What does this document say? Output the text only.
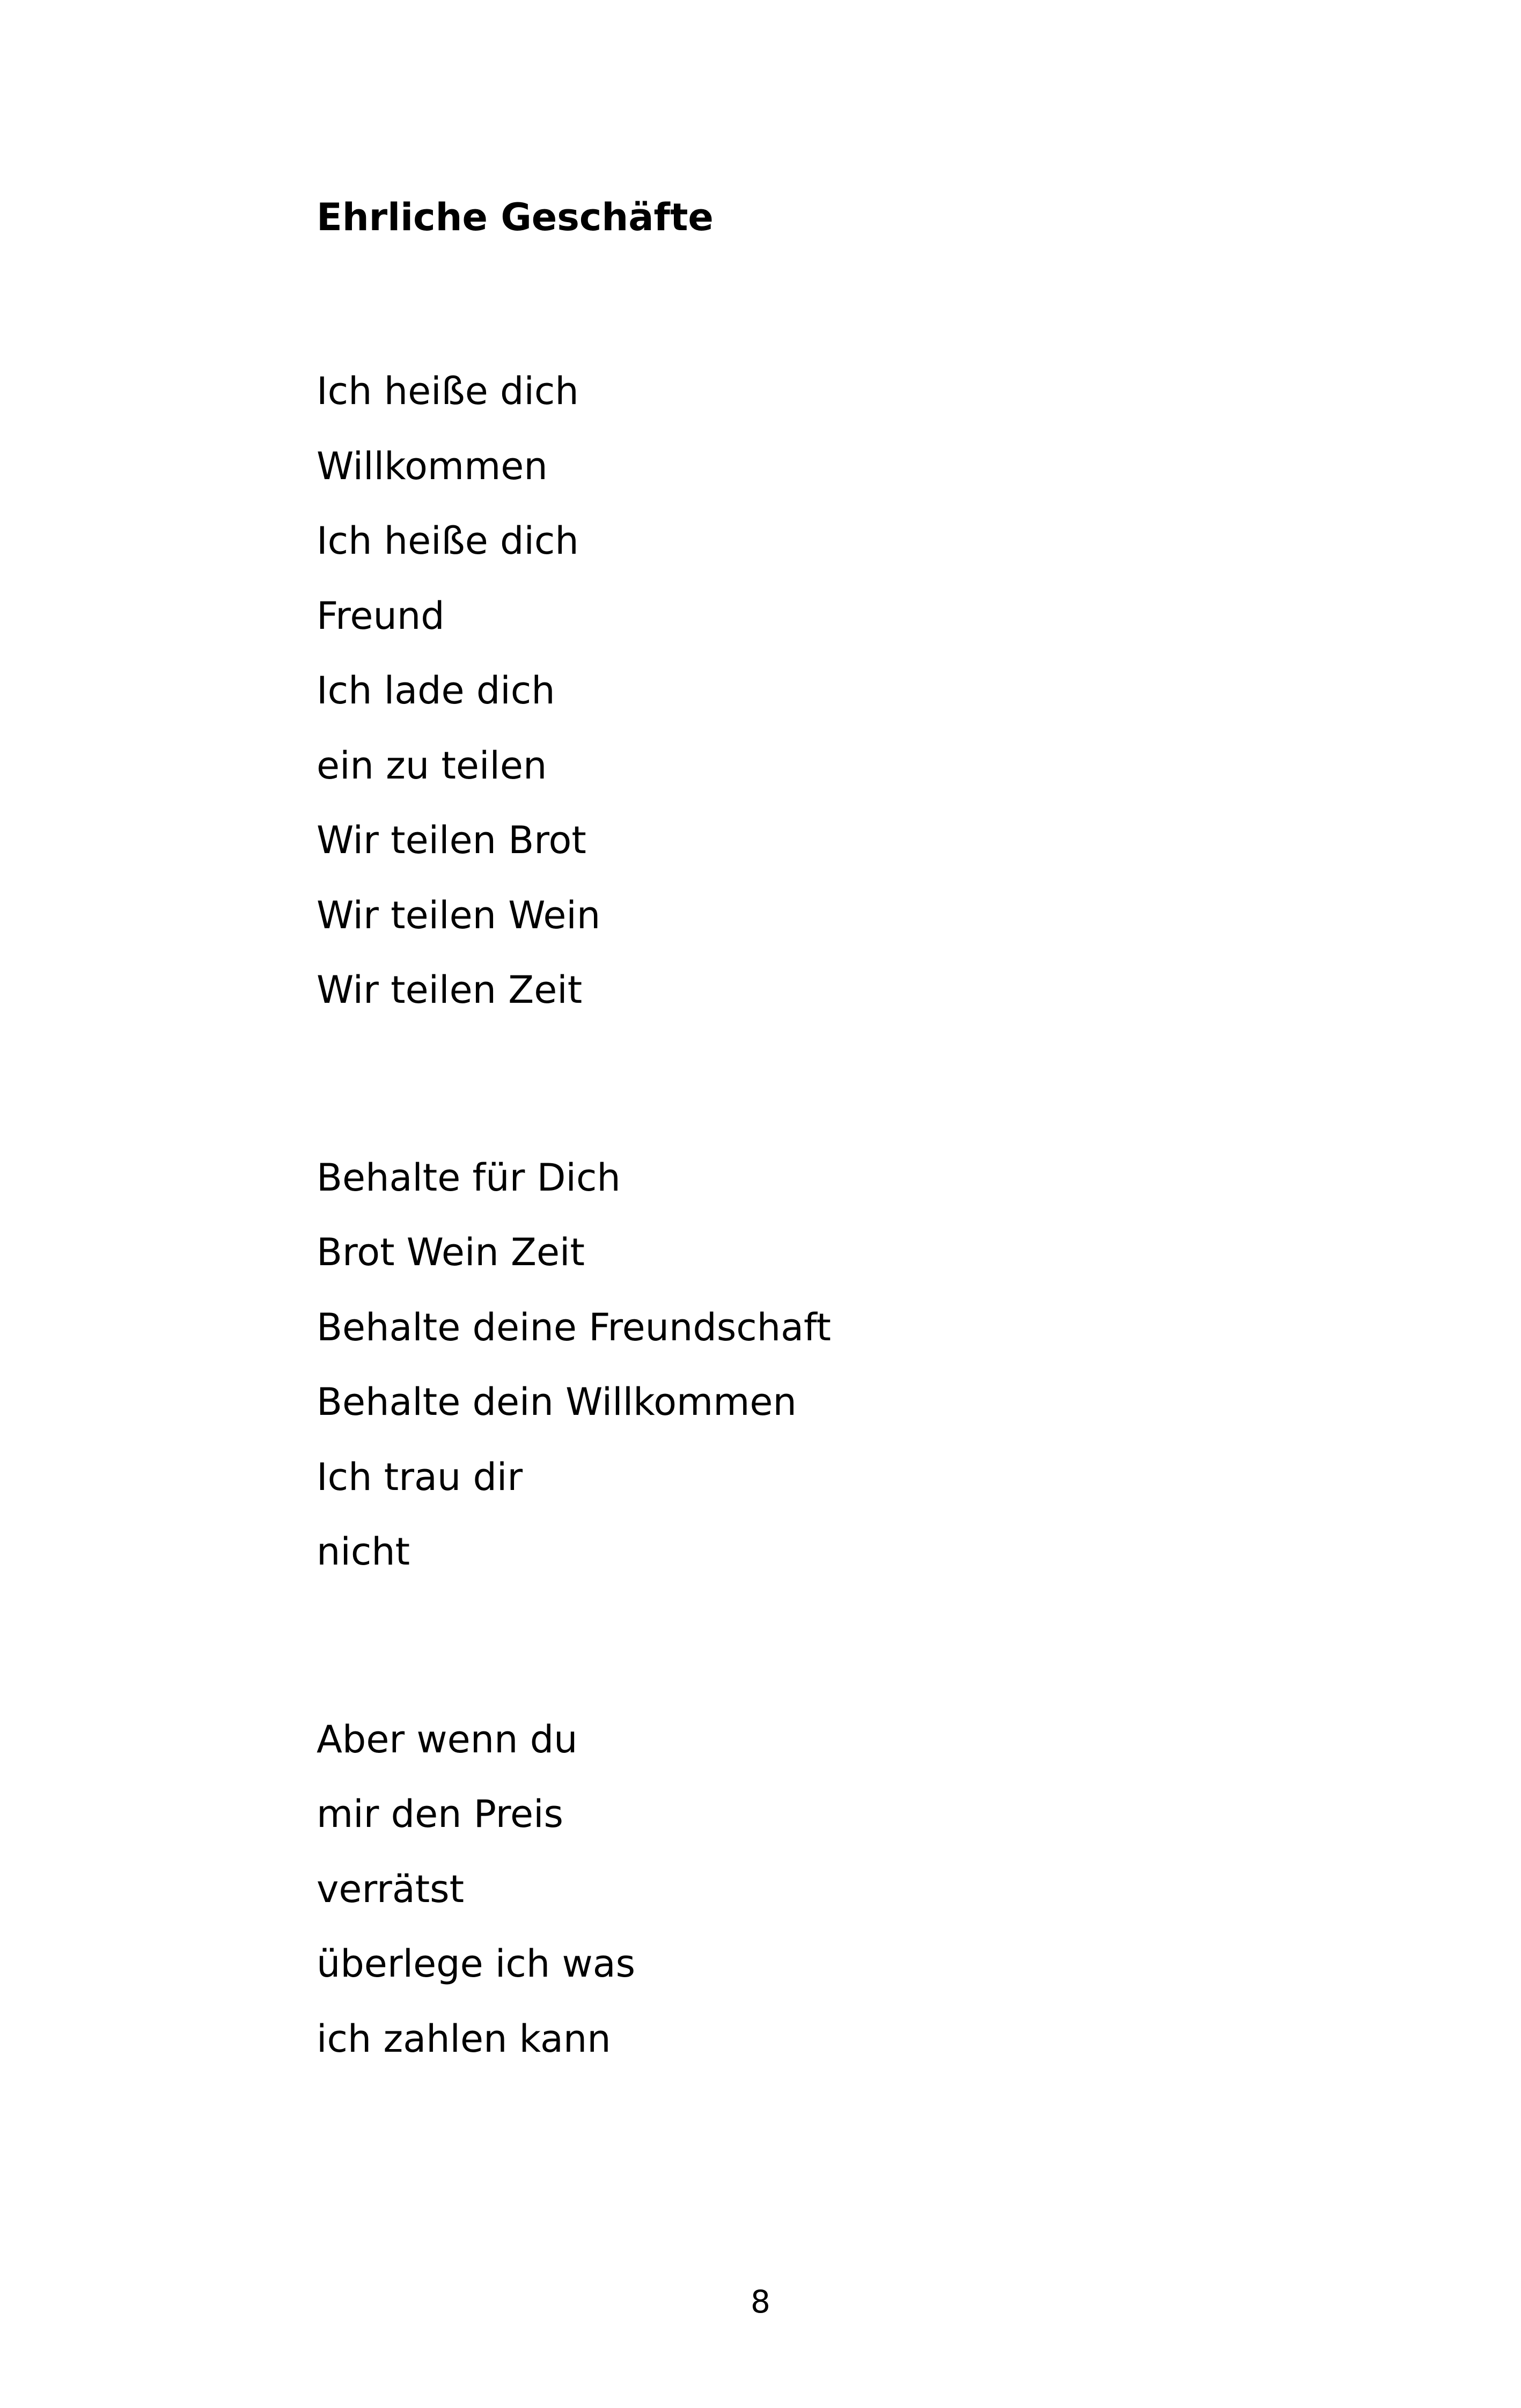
Ehrliche Geschäfte
Ich heiße dich
Willkommen
Ich heiße dich
Freund
Ich lade dich
ein zu teilen
Wir teilen Brot
Wir teilen Wein
Wir teilen Zeit
Behalte für Dich
Brot Wein Zeit
Behalte deine Freundschaft
Behalte dein Willkommen
Ich trau dir
nicht
Aber wenn du
mir den Preis
verrätst
überlege ich was
ich zahlen kann
8
